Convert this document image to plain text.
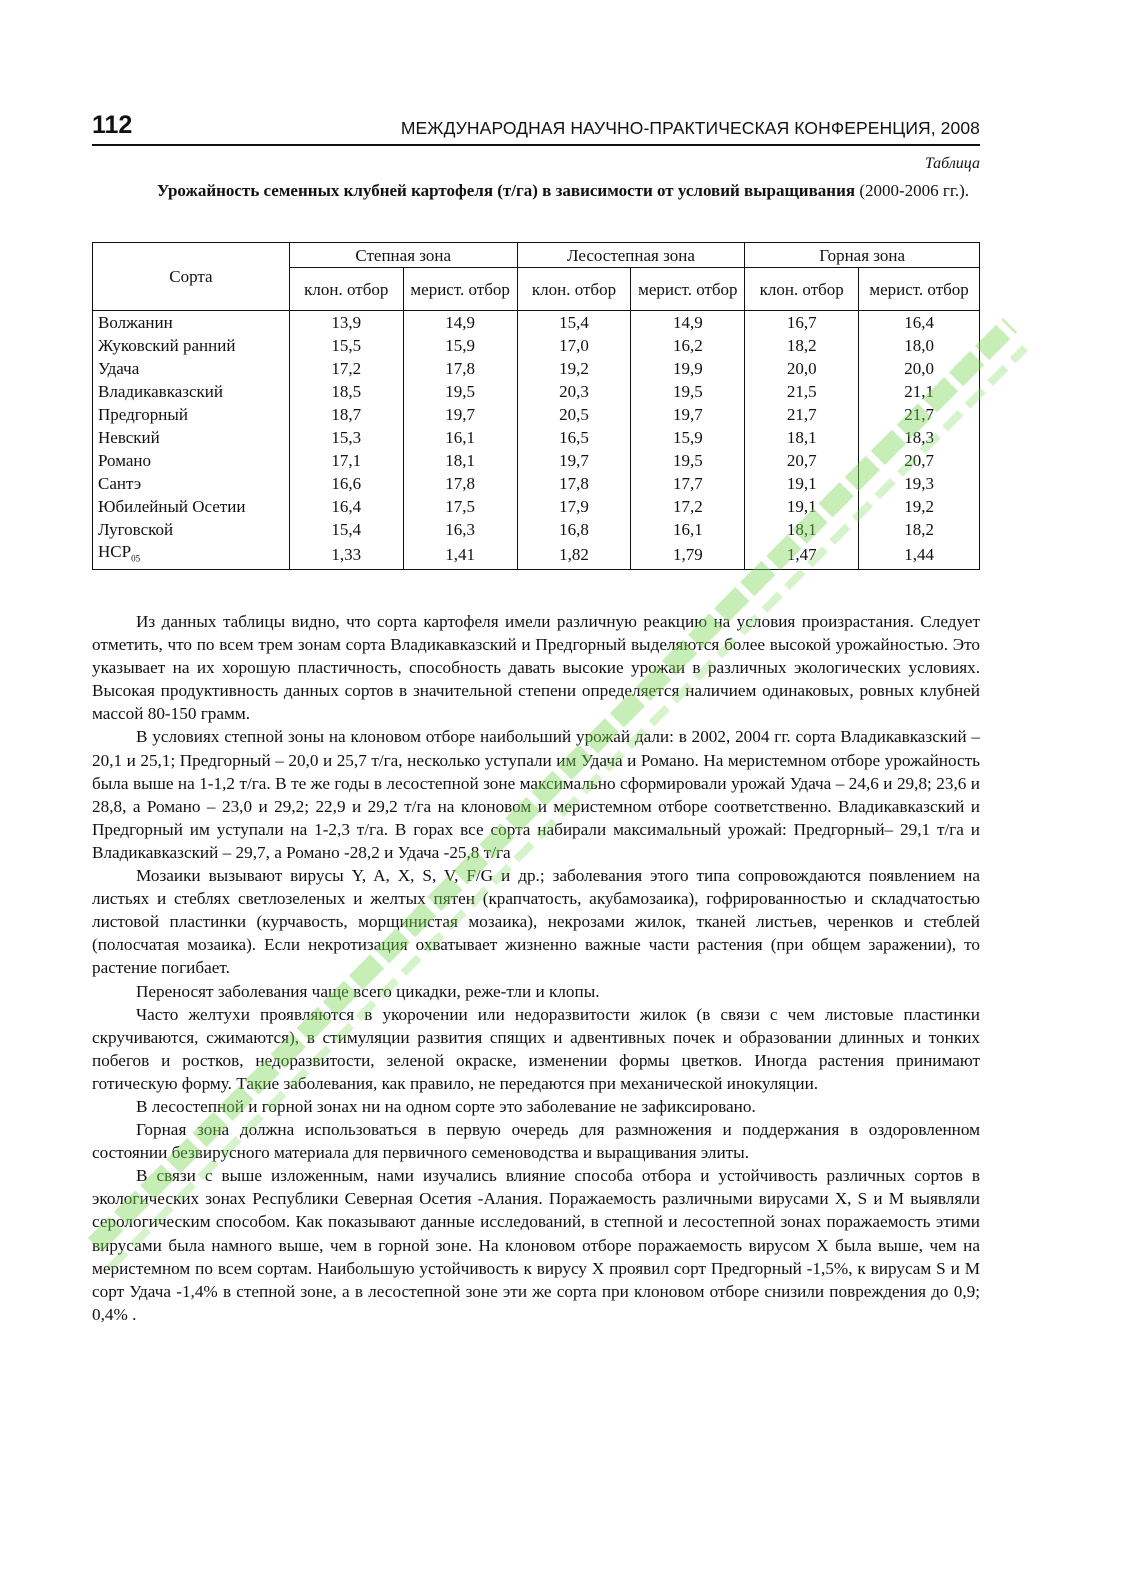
112	МЕЖДУНАРОДНАЯ НАУЧНО-ПРАКТИЧЕСКАЯ КОНФЕРЕНЦИЯ, 2008
Таблица
Урожайность семенных клубней картофеля (т/га) в зависимости от условий выращивания (2000-2006 гг.).
Сорта	Степная зона		Лесостепная зона		Горная зона	
	клон. отбор	мерист. отбор	клон. отбор	мерист. отбор	клон. отбор	мерист. отбор
Волжанин	13,9	14,9	15,4	14,9	16,7	16,4
Жуковский ранний	15,5	15,9	17,0	16,2	18,2	18,0
Удача	17,2	17,8	19,2	19,9	20,0	20,0
Владикавказский	18,5	19,5	20,3	19,5	21,5	21,1
Предгорный	18,7	19,7	20,5	19,7	21,7	21,7
Невский	15,3	16,1	16,5	15,9	18,1	18,3
Романо	17,1	18,1	19,7	19,5	20,7	20,7
Сантэ	16,6	17,8	17,8	17,7	19,1	19,3
Юбилейный Осетии	16,4	17,5	17,9	17,2	19,1	19,2
Луговской	15,4	16,3	16,8	16,1	18,1	18,2
$НСР_{05}$	1,33	1,41	1,82	1,79	1,47	1,44

Из данных таблицы видно, что сорта картофеля имели различную реакцию на условия произрастания. Следует отметить, что по всем трем зонам сорта Владикавказский и Предгорный выделяются более высокой урожайностью. Это указывает на их хорошую пластичность, способность давать высокие урожаи в различных экологических условиях. Высокая продуктивность данных сортов в значительной степени определяется наличием одинаковых, ровных клубней массой 80-150 грамм.

В условиях степной зоны на клоновом отборе наибольший урожай дали: в 2002, 2004 гг. сорта Владикавказский – 20,1 и 25,1; Предгорный – 20,0 и 25,7 т/га, несколько уступали им Удача и Романо. На меристемном отборе урожайность была выше на 1-1,2 т/га. В те же годы в лесостепной зоне максимально сформировали урожай Удача – 24,6 и 29,8; 23,6 и 28,8, а Романо – 23,0 и 29,2; 22,9 и 29,2 т/га на клоновом и меристемном отборе соответственно. Владикавказский и Предгорный им уступали на 1-2,3 т/га. В горах все сорта набирали максимальный урожай: Предгорный– 29,1 т/га и Владикавказский – 29,7, а Романо -28,2 и Удача -25,8 т/га

Мозаики вызывают вирусы Y, A, X, S, V, F/G и др.; заболевания этого типа сопровождаются появлением на листьях и стеблях светлозеленых и желтых пятен (крапчатость, акубамозаика), гофрированностью и складчатостью листовой пластинки (курчавость, морщинистая мозаика), некрозами жилок, тканей листьев, черенков и стеблей (полосчатая мозаика). Если некротизация охватывает жизненно важные части растения (при общем заражении), то растение погибает.

Переносят заболевания чаще всего цикадки, реже-тли и клопы.

Часто желтухи проявляются в укорочении или недоразвитости жилок (в связи с чем листовые пластинки скручиваются, сжимаются), в стимуляции развития спящих и адвентивных почек и образовании длинных и тонких побегов и ростков, недоразвитости, зеленой окраске, изменении формы цветков. Иногда растения принимают готическую форму. Такие заболевания, как правило, не передаются при механической инокуляции.

В лесостепной и горной зонах ни на одном сорте это заболевание не зафиксировано.

Горная зона должна использоваться в первую очередь для размножения и поддержания в оздоровленном состоянии безвирусного материала для первичного семеноводства и выращивания элиты.

В связи с выше изложенным, нами изучались влияние способа отбора и устойчивость различных сортов в экологических зонах Республики Северная Осетия -Алания. Поражаемость различными вирусами X, S и M выявляли серологическим способом. Как показывают данные исследований, в степной и лесостепной зонах поражаемость этими вирусами была намного выше, чем в горной зоне. На клоновом отборе поражаемость вирусом X была выше, чем на меристемном по всем сортам. Наибольшую устойчивость к вирусу X проявил сорт Предгорный -1,5%, к вирусам S и M сорт Удача -1,4% в степной зоне, а в лесостепной зоне эти же сорта при клоновом отборе снизили повреждения до 0,9; 0,4% .
